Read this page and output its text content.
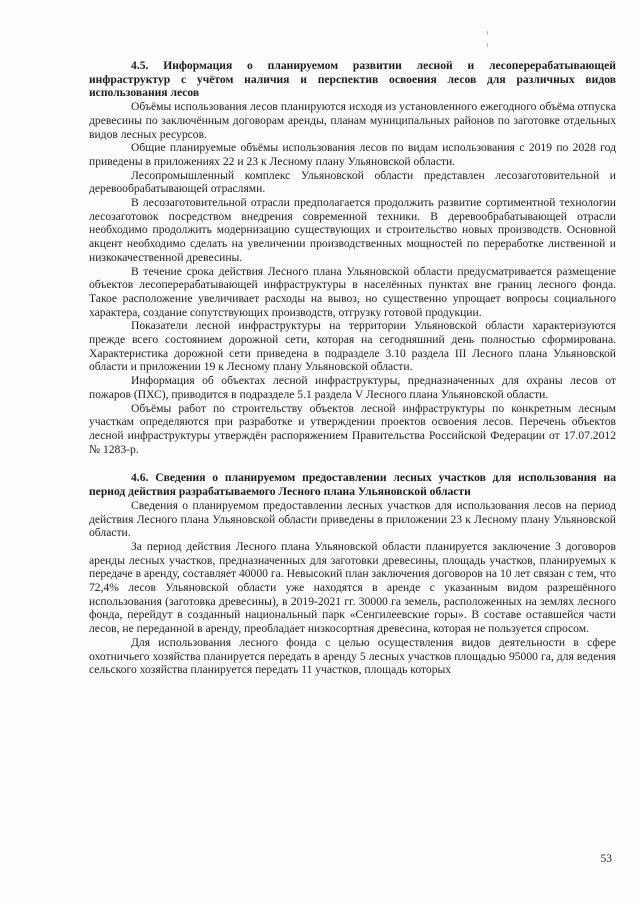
4.5. Информация о планируемом развитии лесной и лесоперерабатывающей инфраструктур с учётом наличия и перспектив освоения лесов для различных видов использования лесов

Объёмы использования лесов планируются исходя из установленного ежегодного объёма отпуска древесины по заключённым договорам аренды, планам муниципальных районов по заготовке отдельных видов лесных ресурсов.

Общие планируемые объёмы использования лесов по видам использования с 2019 по 2028 год приведены в приложениях 22 и 23 к Лесному плану Ульяновской области.

Лесопромышленный комплекс Ульяновской области представлен лесозаготовительной и деревообрабатывающей отраслями.

В лесозаготовительной отрасли предполагается продолжить развитие сортиментной технологии лесозаготовок посредством внедрения современной техники. В деревообрабатывающей отрасли необходимо продолжить модернизацию существующих и строительство новых производств. Основной акцент необходимо сделать на увеличении производственных мощностей по переработке лиственной и низкокачественной древесины.

В течение срока действия Лесного плана Ульяновской области предусматривается размещение объектов лесоперерабатывающей инфраструктуры в населённых пунктах вне границ лесного фонда. Такое расположение увеличивает расходы на вывоз, но существенно упрощает вопросы социального характера, создание сопутствующих производств, отгрузку готовой продукции.

Показатели лесной инфраструктуры на территории Ульяновской области характеризуются прежде всего состоянием дорожной сети, которая на сегодняшний день полностью сформирована. Характеристика дорожной сети приведена в подразделе 3.10 раздела III Лесного плана Ульяновской области и приложении 19 к Лесному плану Ульяновской области.

Информация об объектах лесной инфраструктуры, предназначенных для охраны лесов от пожаров (ПХС), приводится в подразделе 5.1 раздела V Лесного плана Ульяновской области.

Объёмы работ по строительству объектов лесной инфраструктуры по конкретным лесным участкам определяются при разработке и утверждении проектов освоения лесов. Перечень объектов лесной инфраструктуры утверждён распоряжением Правительства Российской Федерации от 17.07.2012 № 1283-р.

4.6. Сведения о планируемом предоставлении лесных участков для использования на период действия разрабатываемого Лесного плана Ульяновской области

Сведения о планируемом предоставлении лесных участков для использования лесов на период действия Лесного плана Ульяновской области приведены в приложении 23 к Лесному плану Ульяновской области.

За период действия Лесного плана Ульяновской области планируется заключение 3 договоров аренды лесных участков, предназначенных для заготовки древесины, площадь участков, планируемых к передаче в аренду, составляет 40000 га. Невысокий план заключения договоров на 10 лет связан с тем, что 72,4% лесов Ульяновской области уже находятся в аренде с указанным видом разрешённого использования (заготовка древесины), в 2019-2021 гг. 30000 га земель, расположенных на землях лесного фонда, перейдут в созданный национальный парк «Сенгилеевские горы». В составе оставшейся части лесов, не переданной в аренду, преобладает низкосортная древесина, которая не пользуется спросом.

Для использования лесного фонда с целью осуществления видов деятельности в сфере охотничьего хозяйства планируется передать в аренду 5 лесных участков площадью 95000 га, для ведения сельского хозяйства планируется передать 11 участков, площадь которых

53
